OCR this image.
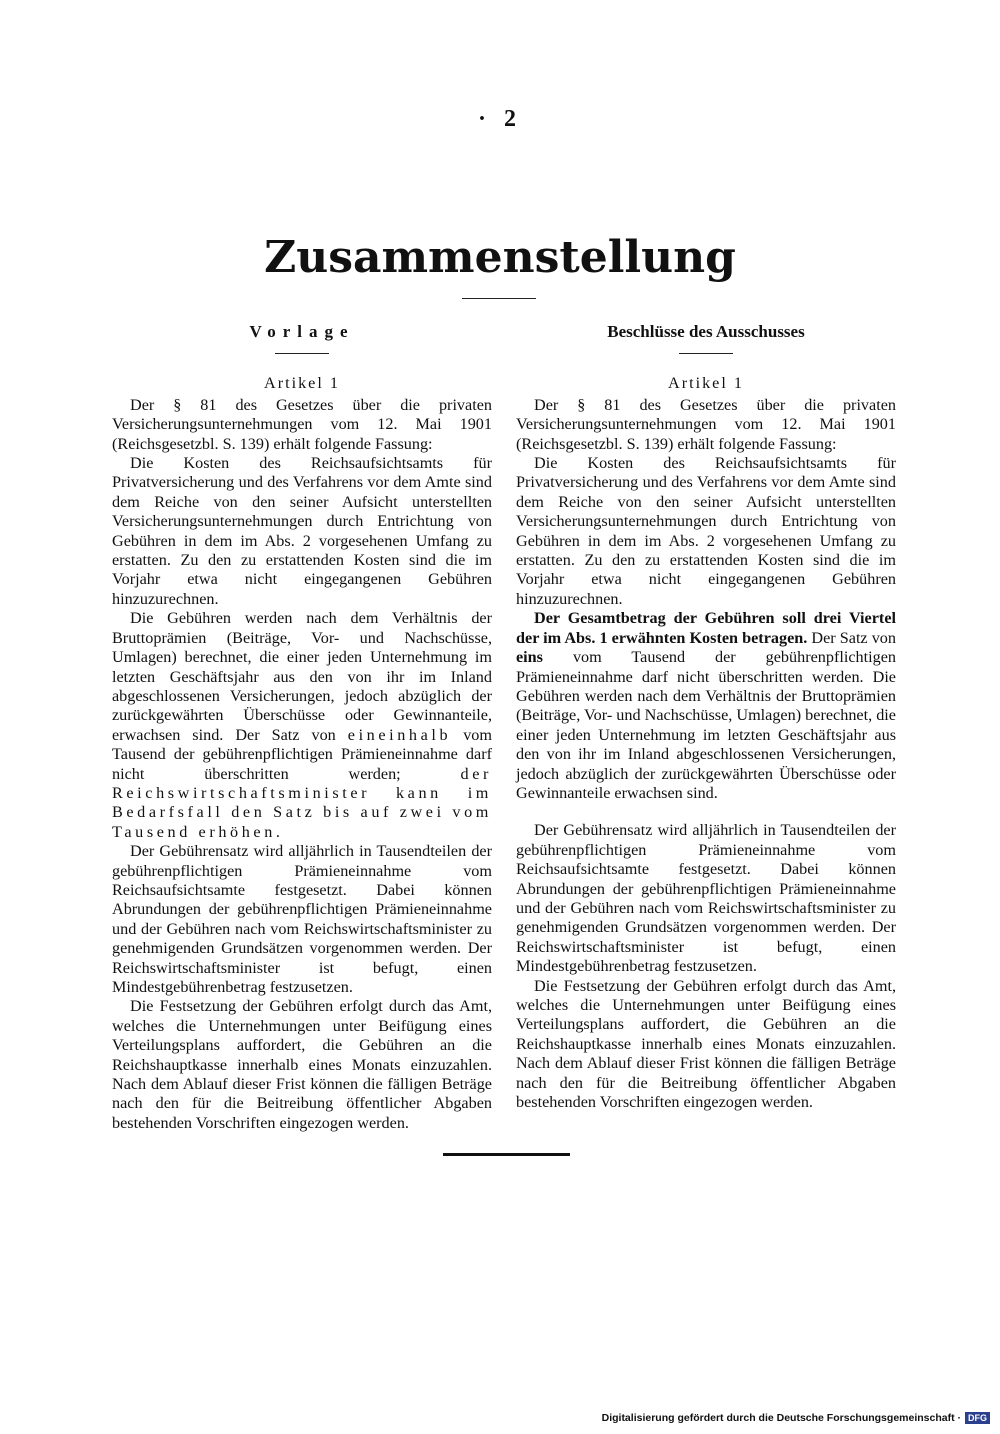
· 2
Zusammenstellung
Vorlage
Artikel 1

Der § 81 des Gesetzes über die privaten Versicherungsunternehmungen vom 12. Mai 1901 (Reichsgesetzbl. S. 139) erhält folgende Fassung:

Die Kosten des Reichsaufsichtsamts für Privatversicherung und des Verfahrens vor dem Amte sind dem Reiche von den seiner Aufsicht unterstellten Versicherungsunternehmungen durch Entrichtung von Gebühren in dem im Abs. 2 vorgesehenen Umfang zu erstatten. Zu den zu erstattenden Kosten sind die im Vorjahr etwa nicht eingegangenen Gebühren hinzuzurechnen.

Die Gebühren werden nach dem Verhältnis der Bruttoprämien (Beiträge, Vor- und Nachschüsse, Umlagen) berechnet, die einer jeden Unternehmung im letzten Geschäftsjahr aus den von ihr im Inland abgeschlossenen Versicherungen, jedoch abzüglich der zurückgewährten Überschüsse oder Gewinnanteile, erwachsen sind. Der Satz von eineinhalb vom Tausend der gebührenpflichtigen Prämieneinnahme darf nicht überschritten werden; der Reichswirtschaftsminister kann im Bedarfsfall den Satz bis auf zwei vom Tausend erhöhen.

Der Gebührensatz wird alljährlich in Tausendteilen der gebührenpflichtigen Prämieneinnahme vom Reichsaufsichtsamte festgesetzt. Dabei können Abrundungen der gebührenpflichtigen Prämieneinnahme und der Gebühren nach vom Reichswirtschaftsminister zu genehmigenden Grundsätzen vorgenommen werden. Der Reichswirtschaftsminister ist befugt, einen Mindestgebührenbetrag festzusetzen.

Die Festsetzung der Gebühren erfolgt durch das Amt, welches die Unternehmungen unter Beifügung eines Verteilungsplans auffordert, die Gebühren an die Reichshauptkasse innerhalb eines Monats einzuzahlen. Nach dem Ablauf dieser Frist können die fälligen Beträge nach den für die Beitreibung öffentlicher Abgaben bestehenden Vorschriften eingezogen werden.

Beschlüsse des Ausschusses
Artikel 1

Der § 81 des Gesetzes über die privaten Versicherungsunternehmungen vom 12. Mai 1901 (Reichsgesetzbl. S. 139) erhält folgende Fassung:

Die Kosten des Reichsaufsichtsamts für Privatversicherung und des Verfahrens vor dem Amte sind dem Reiche von den seiner Aufsicht unterstellten Versicherungsunternehmungen durch Entrichtung von Gebühren in dem im Abs. 2 vorgesehenen Umfang zu erstatten. Zu den zu erstattenden Kosten sind die im Vorjahr etwa nicht eingegangenen Gebühren hinzuzurechnen.

Der Gesamtbetrag der Gebühren soll drei Viertel der im Abs. 1 erwähnten Kosten betragen. Der Satz von eins vom Tausend der gebührenpflichtigen Prämieneinnahme darf nicht überschritten werden. Die Gebühren werden nach dem Verhältnis der Bruttoprämien (Beiträge, Vor- und Nachschüsse, Umlagen) berechnet, die einer jeden Unternehmung im letzten Geschäftsjahr aus den von ihr im Inland abgeschlossenen Versicherungen, jedoch abzüglich der zurückgewährten Überschüsse oder Gewinnanteile erwachsen sind.

Der Gebührensatz wird alljährlich in Tausendteilen der gebührenpflichtigen Prämieneinnahme vom Reichsaufsichtsamte festgesetzt. Dabei können Abrundungen der gebührenpflichtigen Prämieneinnahme und der Gebühren nach vom Reichswirtschaftsminister zu genehmigenden Grundsätzen vorgenommen werden. Der Reichswirtschaftsminister ist befugt, einen Mindestgebührenbetrag festzusetzen.

Die Festsetzung der Gebühren erfolgt durch das Amt, welches die Unternehmungen unter Beifügung eines Verteilungsplans auffordert, die Gebühren an die Reichshauptkasse innerhalb eines Monats einzuzahlen. Nach dem Ablauf dieser Frist können die fälligen Beträge nach den für die Beitreibung öffentlicher Abgaben bestehenden Vorschriften eingezogen werden.

Digitalisierung gefördert durch die Deutsche Forschungsgemeinschaft · DFG
